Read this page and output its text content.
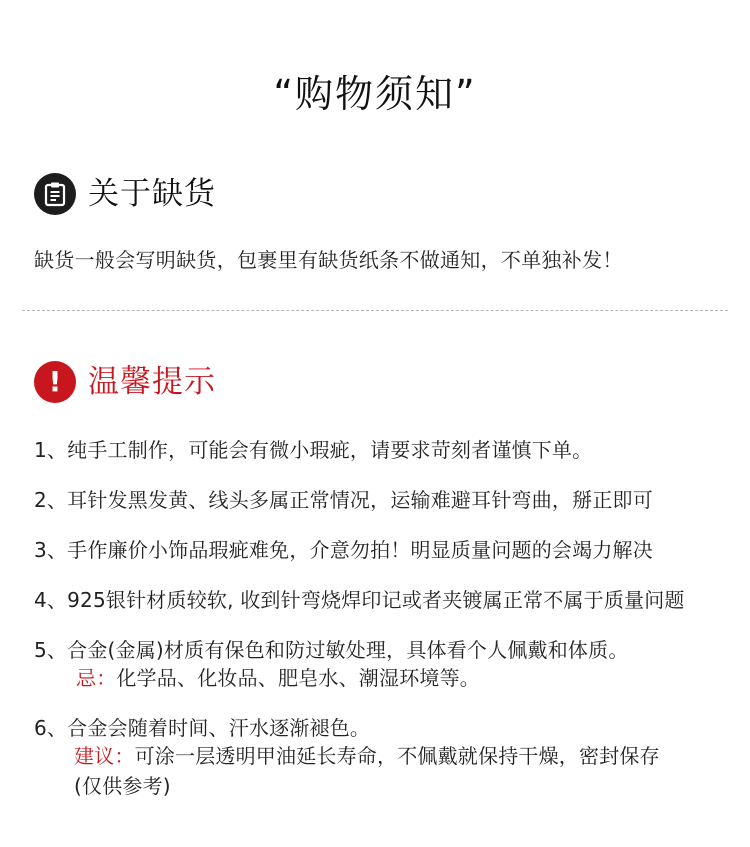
“购物须知”
关于缺货
缺货一般会写明缺货，包裹里有缺货纸条不做通知，不单独补发！
! 温馨提示
1、纯手工制作，可能会有微小瑕疵，请要求苛刻者谨慎下单。
2、耳针发黑发黄、线头多属正常情况，运输难避耳针弯曲，掰正即可
3、手作廉价小饰品瑕疵难免，介意勿拍！明显质量问题的会竭力解决
4、925银针材质较软, 收到针弯烧焊印记或者夹镀属正常不属于质量问题
5、合金(金属)材质有保色和防过敏处理，具体看个人佩戴和体质。
忌：化学品、化妆品、肥皂水、潮湿环境等。
6、合金会随着时间、汗水逐渐褪色。
建议：可涂一层透明甲油延长寿命，不佩戴就保持干燥，密封保存
(仅供参考)
